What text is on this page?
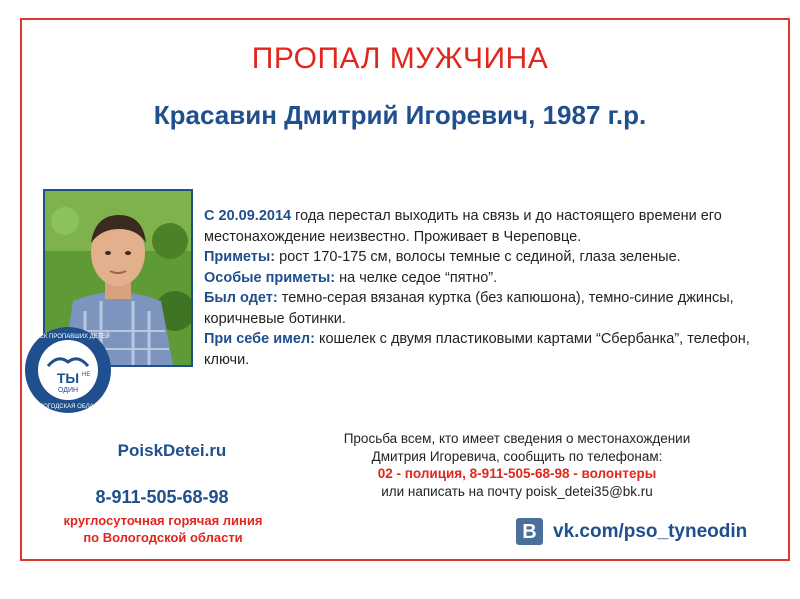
ПРОПАЛ МУЖЧИНА
Красавин Дмитрий Игоревич, 1987 г.р.
ТЫ НЕ
ОДИН
ПОИСК ПРОПАВШИХ ДЕТЕЙ
ВОЛОГОДСКАЯ ОБЛАСТЬ

С 20.09.2014 года перестал выходить на связь и до настоящего времени его местонахождение неизвестно. Проживает в Череповце.

Приметы: рост 170-175 см, волосы темные с сединой, глаза зеленые.

Особые приметы: на челке седое “пятно”.

Был одет: темно-серая вязаная куртка (без капюшона), темно-синие джинсы, коричневые ботинки.

При себе имел: кошелек с двумя пластиковыми картами “Сбербанка”, телефон, ключи.

PoiskDetei.ru
8-911-505-68-98
круглосуточная горячая линия
по Вологодской области
Просьба всем, кто имеет сведения о местонахождении
Дмитрия Игоревича, сообщить по телефонам:
02 - полиция, 8-911-505-68-98 - волонтеры
или написать на почту poisk_detei35@bk.ru
B vk.com/pso_tyneodin
